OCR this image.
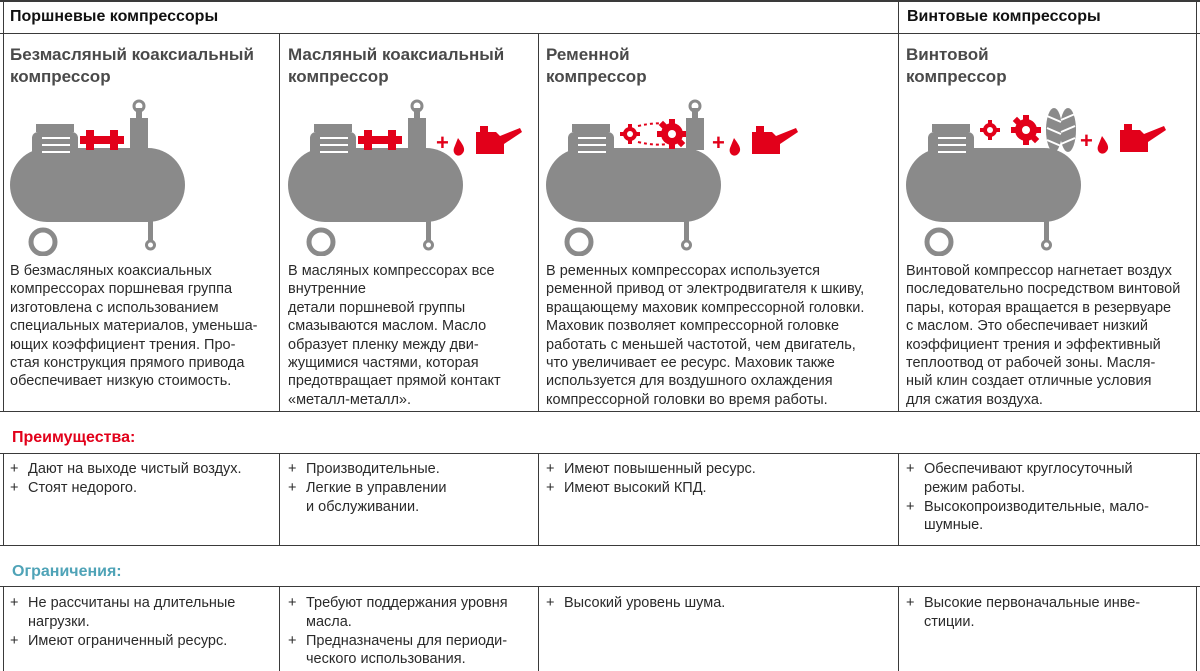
Поршневые компрессоры	Винтовые компрессоры
Безмасляный коаксиальный
компрессор
Масляный коаксиальный
компрессор
Ременной
компрессор
Винтовой
компрессор
В безмасляных коаксиальных
компрессорах поршневая группа
изготовлена с использованием
специальных материалов, уменьша-
ющих коэффициент трения. Про-
стая конструкция прямого привода
обеспечивает низкую стоимость.
В масляных компрессорах все внутренние
детали поршневой группы
смазываются маслом. Масло
образует пленку между дви-
жущимися частями, которая
предотвращает прямой контакт
«металл-металл».
В ременных компрессорах используется
ременной привод от электродвигателя к шкиву,
вращающему маховик компрессорной головки.
Маховик позволяет компрессорной головке
работать с меньшей частотой, чем двигатель,
что увеличивает ее ресурс. Маховик также
используется для воздушного охлаждения
компрессорной головки во время работы.
Винтовой компрессор нагнетает воздух
последовательно посредством винтовой
пары, которая вращается в резервуаре
с маслом. Это обеспечивает низкий
коэффициент трения и эффективный
теплоотвод от рабочей зоны. Масля-
ный клин создает отличные условия
для сжатия воздуха.
Преимущества:
+ Дают на выходе чистый воздух.
+ Стоят недорого.
+ Производительные.
+ Легкие в управлении
и обслуживании.
+ Имеют повышенный ресурс.
+ Имеют высокий КПД.
+ Обеспечивают круглосуточный
режим работы.
+ Высокопроизводительные, мало-
шумные.
Ограничения:
+ Не рассчитаны на длительные
нагрузки.
+ Имеют ограниченный ресурс.
+ Требуют поддержания уровня
масла.
+ Предназначены для периоди-
ческого использования.
+ Высокий уровень шума.	+ Высокие первоначальные инве-
стиции.
